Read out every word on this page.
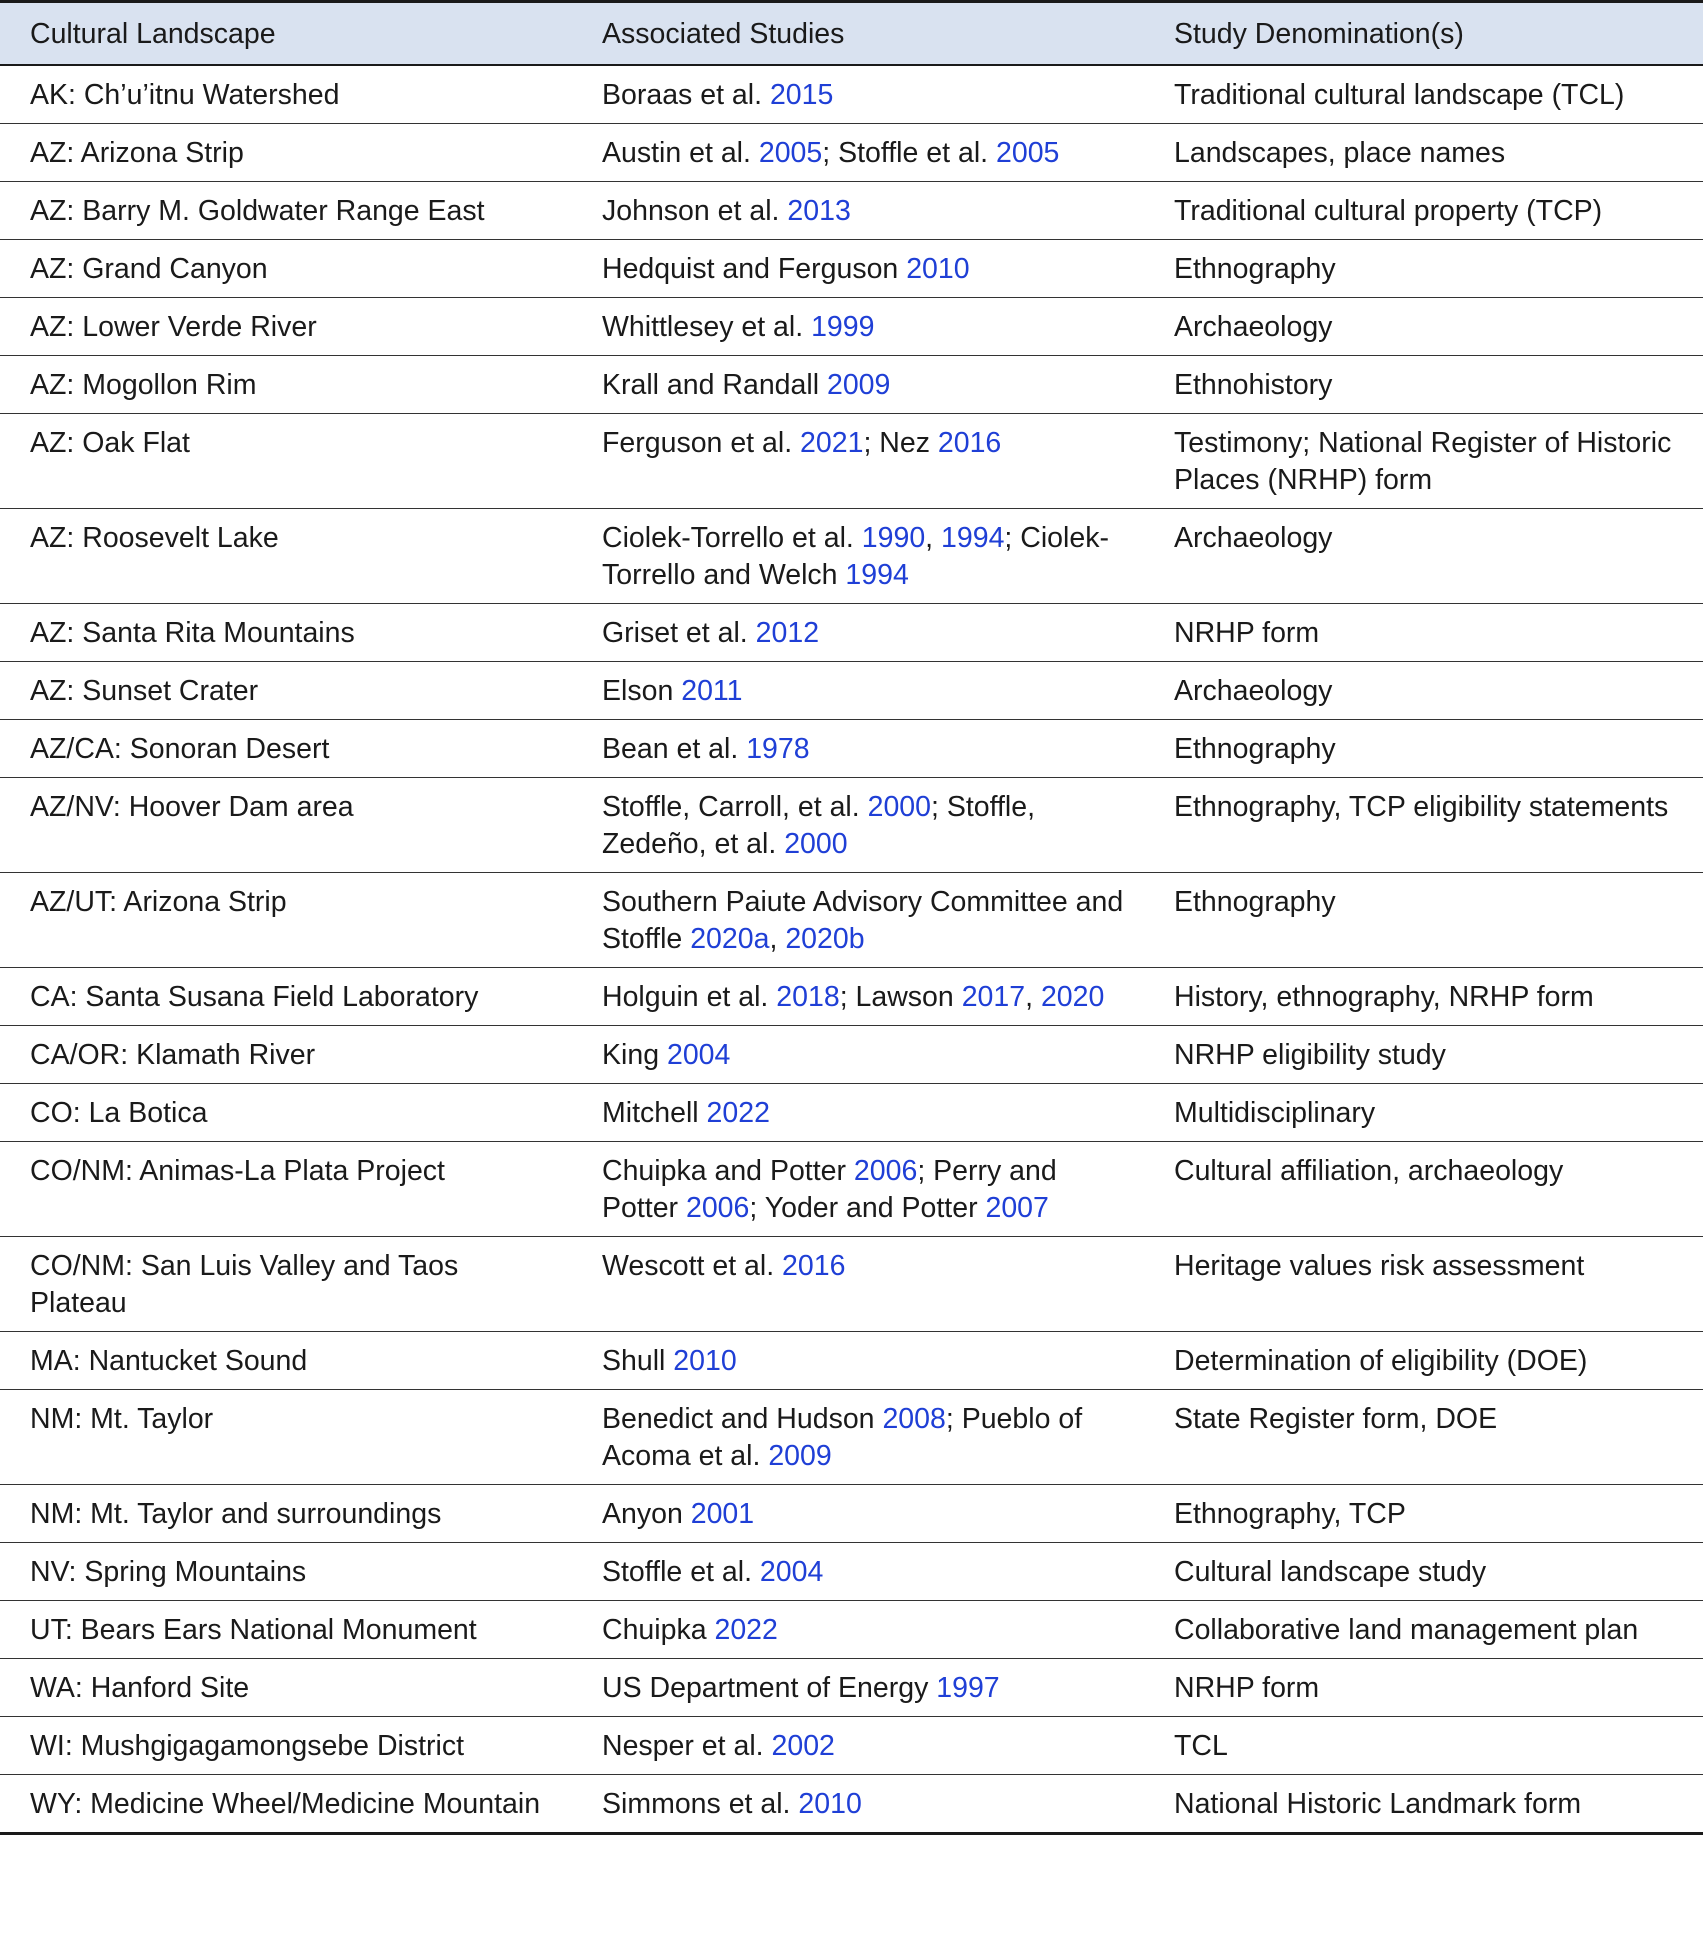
Cultural Landscape	Associated Studies	Study Denomination(s)
AK: Ch’u’itnu Watershed	Boraas et al. 2015	Traditional cultural landscape (TCL)
AZ: Arizona Strip	Austin et al. 2005; Stoffle et al. 2005	Landscapes, place names
AZ: Barry M. Goldwater Range East	Johnson et al. 2013	Traditional cultural property (TCP)
AZ: Grand Canyon	Hedquist and Ferguson 2010	Ethnography
AZ: Lower Verde River	Whittlesey et al. 1999	Archaeology
AZ: Mogollon Rim	Krall and Randall 2009	Ethnohistory
AZ: Oak Flat	Ferguson et al. 2021; Nez 2016	Testimony; National Register of Historic Places (NRHP) form
AZ: Roosevelt Lake	Ciolek-Torrello et al. 1990, 1994; Ciolek-Torrello and Welch 1994	Archaeology
AZ: Santa Rita Mountains	Griset et al. 2012	NRHP form
AZ: Sunset Crater	Elson 2011	Archaeology
AZ/CA: Sonoran Desert	Bean et al. 1978	Ethnography
AZ/NV: Hoover Dam area	Stoffle, Carroll, et al. 2000; Stoffle, Zedeño, et al. 2000	Ethnography, TCP eligibility statements
AZ/UT: Arizona Strip	Southern Paiute Advisory Committee and Stoffle 2020a, 2020b	Ethnography
CA: Santa Susana Field Laboratory	Holguin et al. 2018; Lawson 2017, 2020	History, ethnography, NRHP form
CA/OR: Klamath River	King 2004	NRHP eligibility study
CO: La Botica	Mitchell 2022	Multidisciplinary
CO/NM: Animas-La Plata Project	Chuipka and Potter 2006; Perry and Potter 2006; Yoder and Potter 2007	Cultural affiliation, archaeology
CO/NM: San Luis Valley and Taos Plateau	Wescott et al. 2016	Heritage values risk assessment
MA: Nantucket Sound	Shull 2010	Determination of eligibility (DOE)
NM: Mt. Taylor	Benedict and Hudson 2008; Pueblo of Acoma et al. 2009	State Register form, DOE
NM: Mt. Taylor and surroundings	Anyon 2001	Ethnography, TCP
NV: Spring Mountains	Stoffle et al. 2004	Cultural landscape study
UT: Bears Ears National Monument	Chuipka 2022	Collaborative land management plan
WA: Hanford Site	US Department of Energy 1997	NRHP form
WI: Mushgigagamongsebe District	Nesper et al. 2002	TCL
WY: Medicine Wheel/Medicine Mountain	Simmons et al. 2010	National Historic Landmark form
